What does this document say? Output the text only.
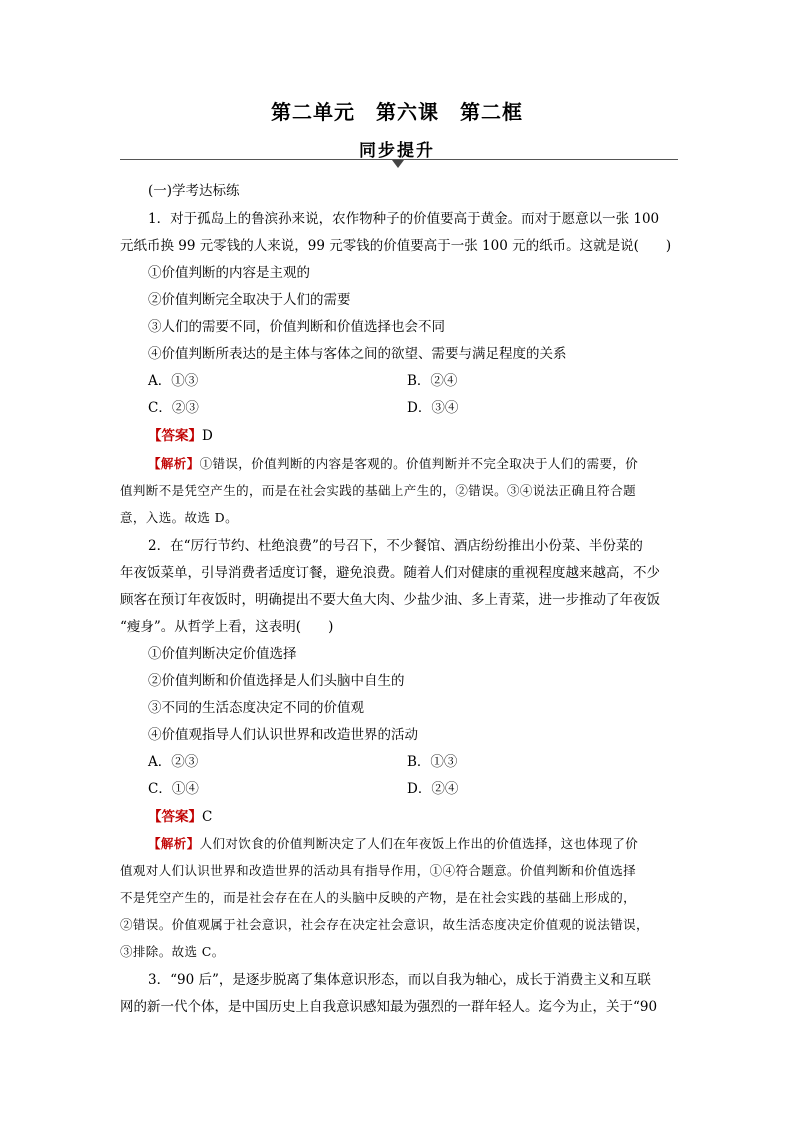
第二单元　第六课　第二框
同步提升
(一)学考达标练
1．对于孤岛上的鲁滨孙来说，农作物种子的价值要高于黄金。而对于愿意以一张 100
元纸币换 99 元零钱的人来说，99 元零钱的价值要高于一张 100 元的纸币。这就是说(　　)
①价值判断的内容是主观的
②价值判断完全取决于人们的需要
③人们的需要不同，价值判断和价值选择也会不同
④价值判断所表达的是主体与客体之间的欲望、需要与满足程度的关系
A．①③	B．②④
C．②③	D．③④
【答案】D
【解析】①错误，价值判断的内容是客观的。价值判断并不完全取决于人们的需要，价
值判断不是凭空产生的，而是在社会实践的基础上产生的，②错误。③④说法正确且符合题
意，入选。故选 D。
2．在“厉行节约、杜绝浪费”的号召下，不少餐馆、酒店纷纷推出小份菜、半份菜的
年夜饭菜单，引导消费者适度订餐，避免浪费。随着人们对健康的重视程度越来越高，不少
顾客在预订年夜饭时，明确提出不要大鱼大肉、少盐少油、多上青菜，进一步推动了年夜饭
“瘦身”。从哲学上看，这表明(　　)
①价值判断决定价值选择
②价值判断和价值选择是人们头脑中自生的
③不同的生活态度决定不同的价值观
④价值观指导人们认识世界和改造世界的活动
A．②③	B．①③
C．①④	D．②④
【答案】C
【解析】人们对饮食的价值判断决定了人们在年夜饭上作出的价值选择，这也体现了价
值观对人们认识世界和改造世界的活动具有指导作用，①④符合题意。价值判断和价值选择
不是凭空产生的，而是社会存在在人的头脑中反映的产物，是在社会实践的基础上形成的，
②错误。价值观属于社会意识，社会存在决定社会意识，故生活态度决定价值观的说法错误，
③排除。故选 C。
3．“90 后”，是逐步脱离了集体意识形态，而以自我为轴心，成长于消费主义和互联
网的新一代个体，是中国历史上自我意识感知最为强烈的一群年轻人。迄今为止，关于“90
